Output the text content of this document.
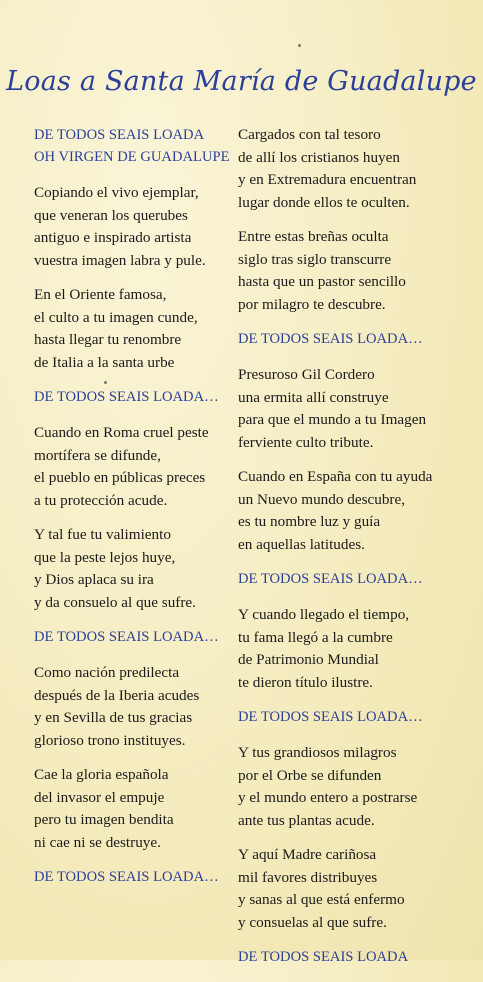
Loas a Santa María de Guadalupe
DE TODOS SEAIS LOADA
OH VIRGEN DE GUADALUPE
Copiando el vivo ejemplar,
que veneran los querubes
antiguo e inspirado artista
vuestra imagen labra y pule.
En el Oriente famosa,
el culto a tu imagen cunde,
hasta llegar tu renombre
de Italia a la santa urbe
DE TODOS SEAIS LOADA…
Cuando en Roma cruel peste
mortífera se difunde,
el pueblo en públicas preces
a tu protección acude.
Y tal fue tu valimiento
que la peste lejos huye,
y Dios aplaca su ira
y da consuelo al que sufre.
DE TODOS SEAIS LOADA…
Como nación predilecta
después de la Iberia acudes
y en Sevilla de tus gracias
glorioso trono instituyes.
Cae la gloria española
del invasor el empuje
pero tu imagen bendita
ni cae ni se destruye.
DE TODOS SEAIS LOADA…
Cargados con tal tesoro
de allí los cristianos huyen
y en Extremadura encuentran
lugar donde ellos te oculten.
Entre estas breñas oculta
siglo tras siglo transcurre
hasta que un pastor sencillo
por milagro te descubre.
DE TODOS SEAIS LOADA…
Presuroso Gil Cordero
una ermita allí construye
para que el mundo a tu Imagen
ferviente culto tribute.
Cuando en España con tu ayuda
un Nuevo mundo descubre,
es tu nombre luz y guía
en aquellas latitudes.
DE TODOS SEAIS LOADA…
Y cuando llegado el tiempo,
tu fama llegó a la cumbre
de Patrimonio Mundial
te dieron título ilustre.
DE TODOS SEAIS LOADA…
Y tus grandiosos milagros
por el Orbe se difunden
y el mundo entero a postrarse
ante tus plantas acude.
Y aquí Madre cariñosa
mil favores distribuyes
y sanas al que está enfermo
y consuelas al que sufre.
DE TODOS SEAIS LOADA
